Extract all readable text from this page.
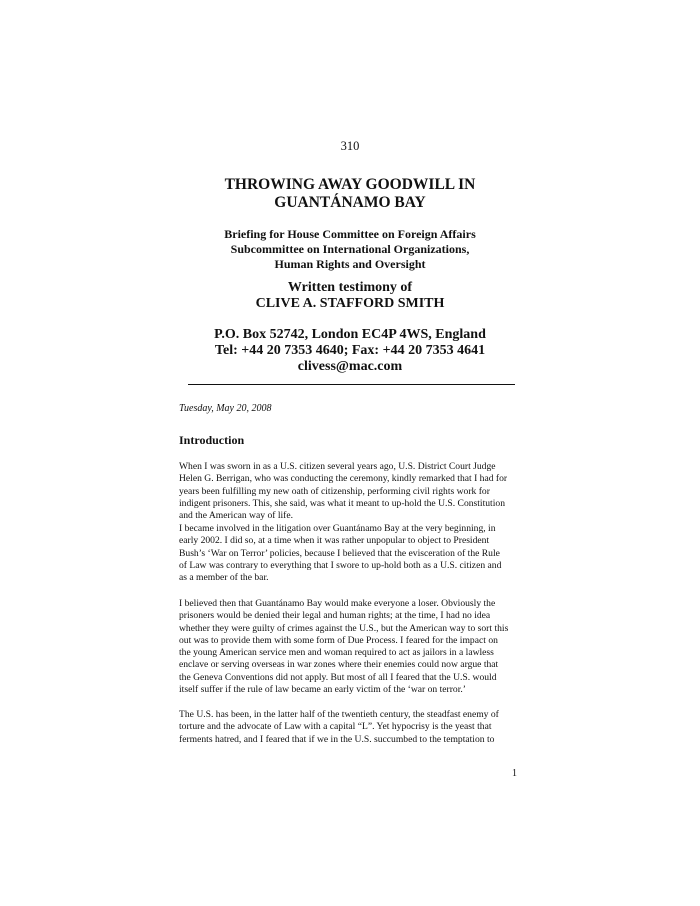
310
THROWING AWAY GOODWILL IN
GUANTÁNAMO BAY
Briefing for House Committee on Foreign Affairs
Subcommittee on International Organizations,
Human Rights and Oversight
Written testimony of
CLIVE A. STAFFORD SMITH
P.O. Box 52742, London EC4P 4WS, England
Tel: +44 20 7353 4640; Fax: +44 20 7353 4641
clivess@mac.com
Tuesday, May 20, 2008
Introduction
When I was sworn in as a U.S. citizen several years ago, U.S. District Court Judge
Helen G. Berrigan, who was conducting the ceremony, kindly remarked that I had for
years been fulfilling my new oath of citizenship, performing civil rights work for
indigent prisoners. This, she said, was what it meant to up-hold the U.S. Constitution
and the American way of life.
I became involved in the litigation over Guantánamo Bay at the very beginning, in
early 2002. I did so, at a time when it was rather unpopular to object to President
Bush’s ‘War on Terror’ policies, because I believed that the evisceration of the Rule
of Law was contrary to everything that I swore to up-hold both as a U.S. citizen and
as a member of the bar.
I believed then that Guantánamo Bay would make everyone a loser. Obviously the
prisoners would be denied their legal and human rights; at the time, I had no idea
whether they were guilty of crimes against the U.S., but the American way to sort this
out was to provide them with some form of Due Process. I feared for the impact on
the young American service men and woman required to act as jailors in a lawless
enclave or serving overseas in war zones where their enemies could now argue that
the Geneva Conventions did not apply. But most of all I feared that the U.S. would
itself suffer if the rule of law became an early victim of the ‘war on terror.’
The U.S. has been, in the latter half of the twentieth century, the steadfast enemy of
torture and the advocate of Law with a capital “L”. Yet hypocrisy is the yeast that
ferments hatred, and I feared that if we in the U.S. succumbed to the temptation to
1
